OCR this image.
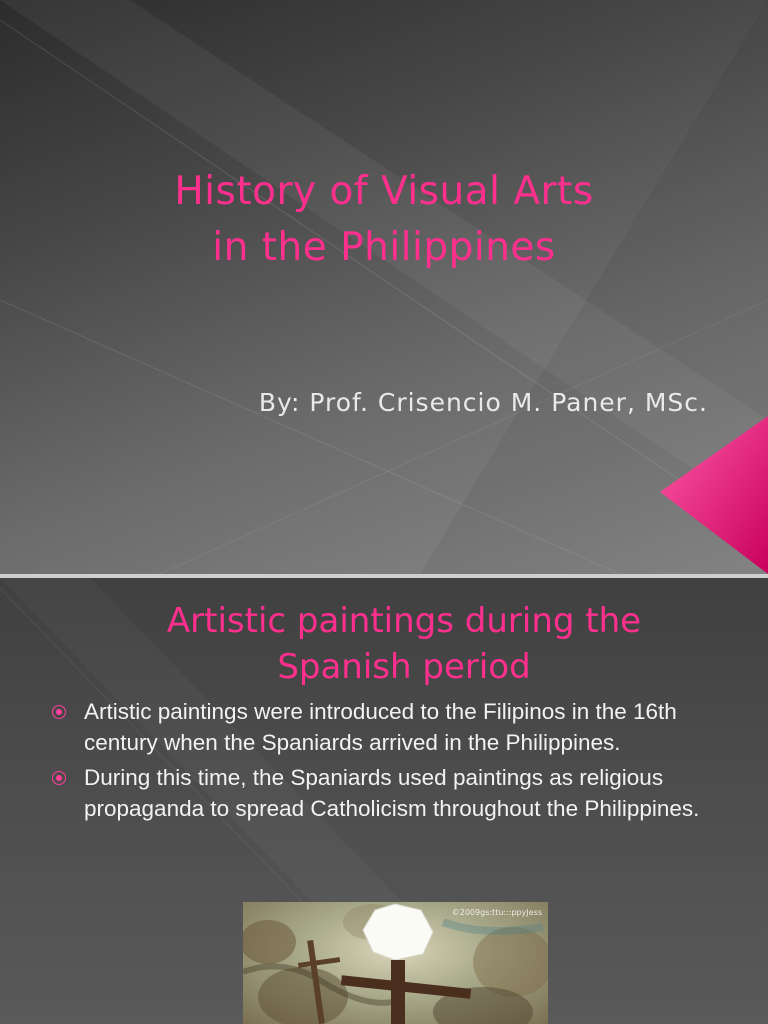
History of Visual Arts
in the Philippines
By: Prof. Crisencio M. Paner, MSc.
Artistic paintings during the
Spanish period
Artistic paintings were introduced to the Filipinos in the 16th century when the Spaniards arrived in the Philippines.
During this time, the Spaniards used paintings as religious propaganda to spread Catholicism throughout the Philippines.
©2009gs:ttu:::ppyJess
